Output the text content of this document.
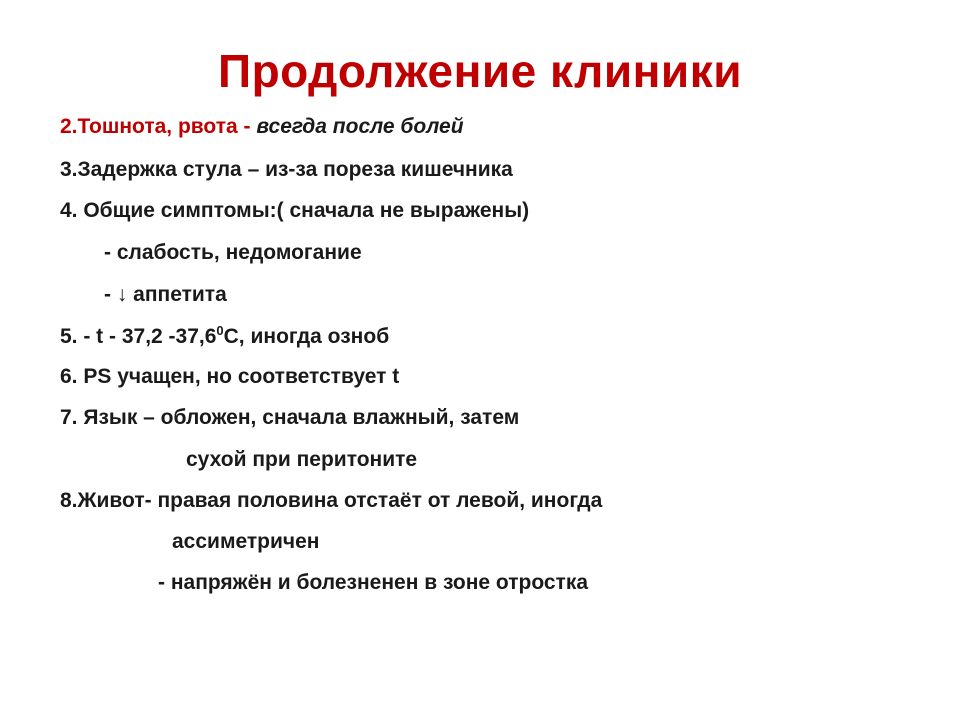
Продолжение клиники
2.Тошнота, рвота - всегда после болей
3.Задержка стула – из-за пореза кишечника
4. Общие симптомы:( сначала не выражены)
- слабость, недомогание
- ↓ аппетита
5. - t - 37,2 -37,6$^0$C, иногда озноб
6. PS учащен, но соответствует t
7. Язык – обложен, сначала влажный, затем
сухой при перитоните
8.Живот- правая половина отстаёт от левой, иногда
ассиметричен
- напряжён и болезненен в зоне отростка
